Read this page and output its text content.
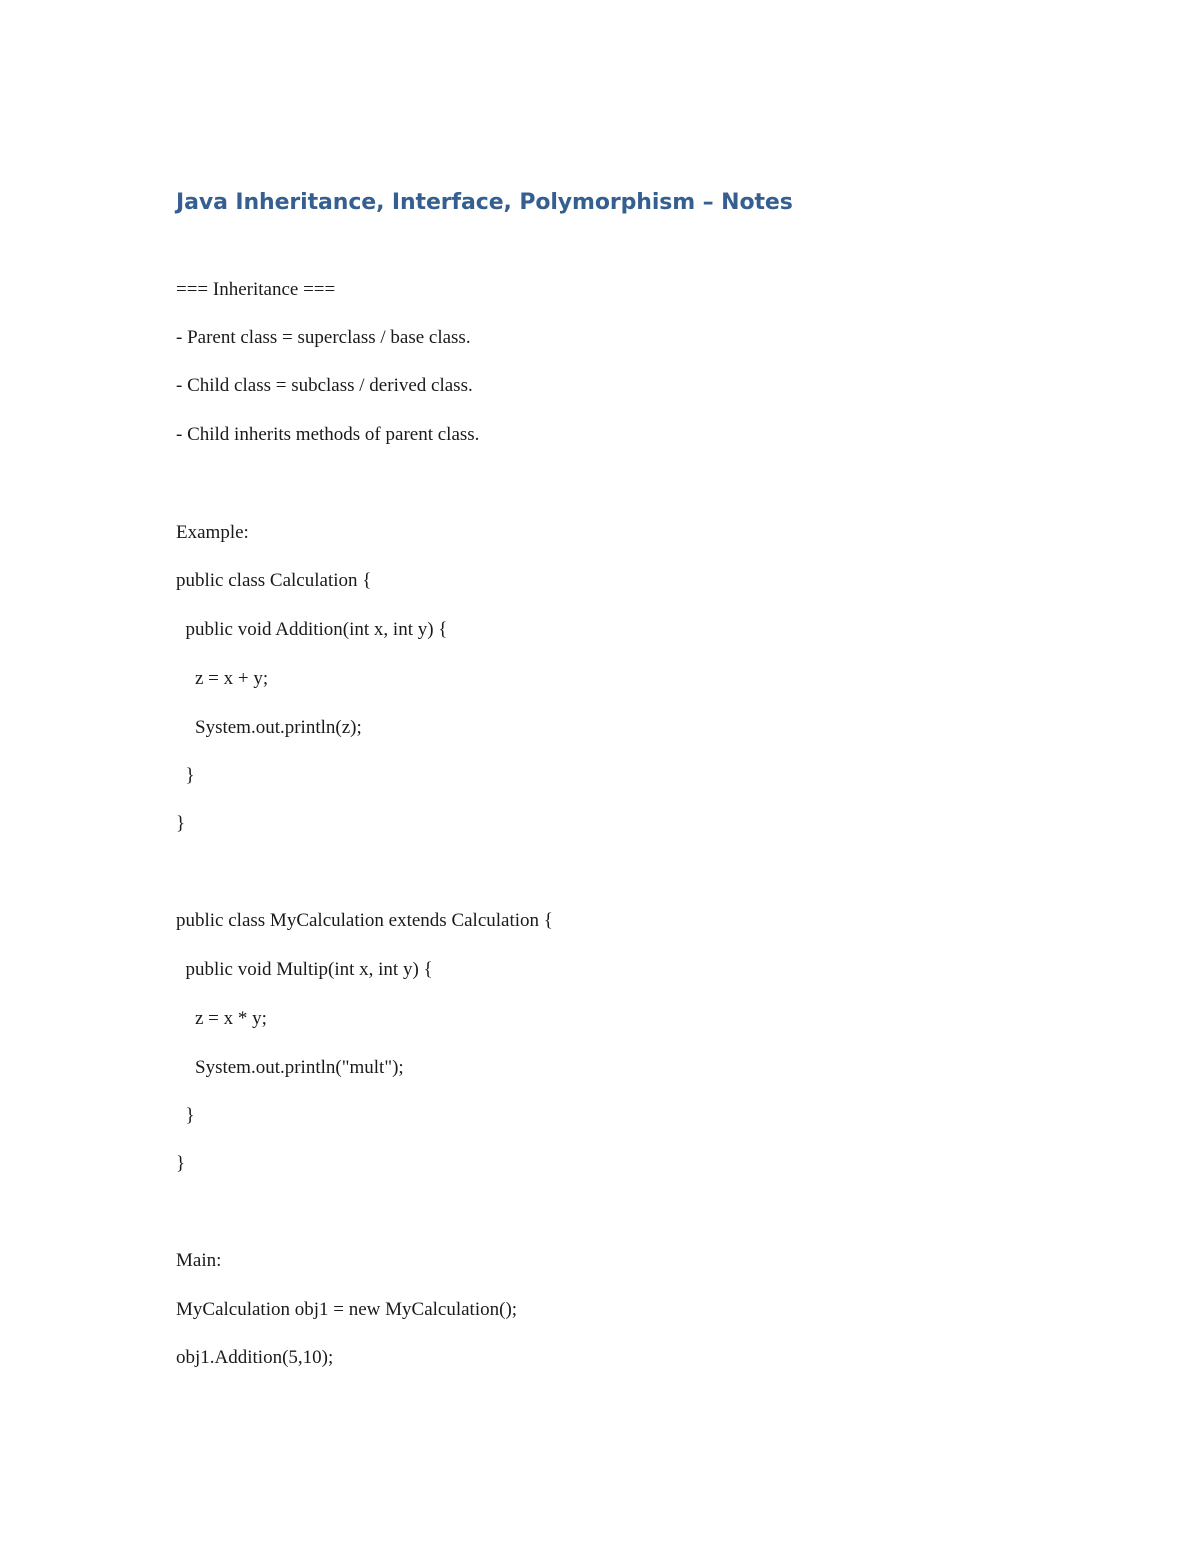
Java Inheritance, Interface, Polymorphism – Notes

=== Inheritance ===

- Parent class = superclass / base class.

- Child class = subclass / derived class.

- Child inherits methods of parent class.

Example:

public class Calculation {

public void Addition(int x, int y) {

z = x + y;

System.out.println(z);

}

}

public class MyCalculation extends Calculation {

public void Multip(int x, int y) {

z = x * y;

System.out.println("mult");

}

}

Main:

MyCalculation obj1 = new MyCalculation();

obj1.Addition(5,10);
